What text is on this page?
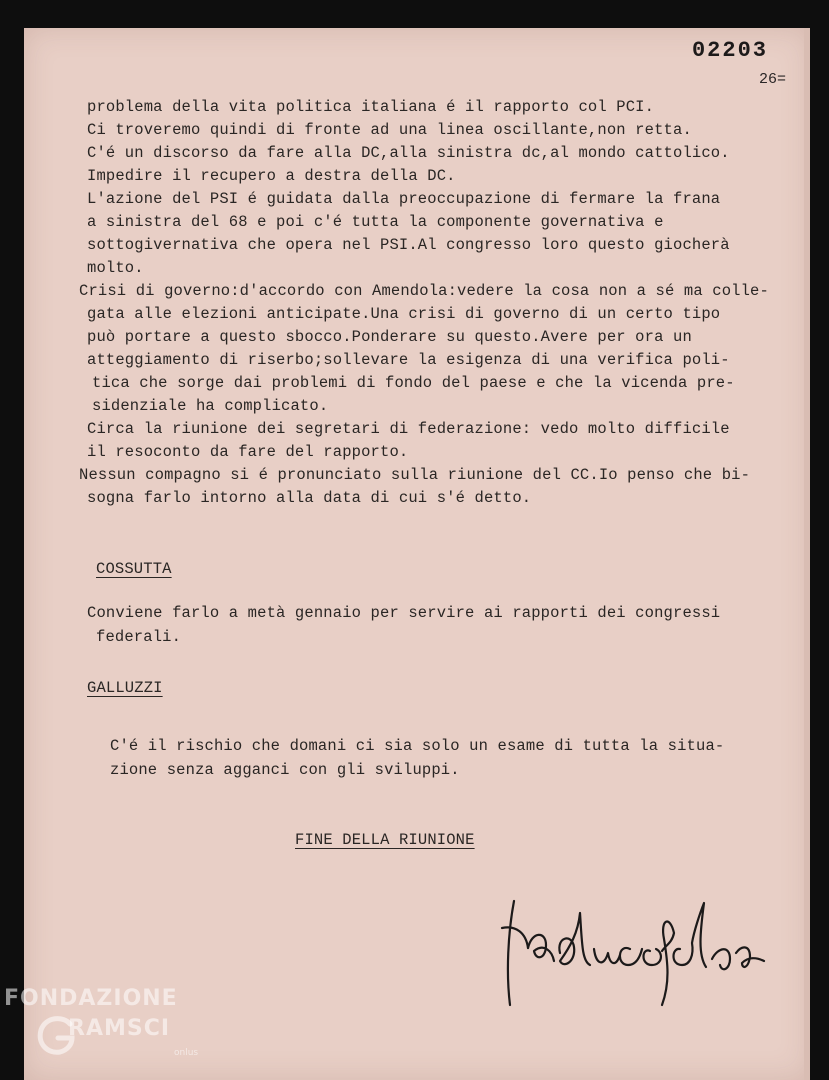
02203
26=
problema della vita politica italiana é il rapporto col PCI.
Ci troveremo quindi di fronte ad una linea oscillante,non retta.
C'é un discorso da fare alla DC,alla sinistra dc,al mondo cattolico.
Impedire il recupero a destra della DC.
L'azione del PSI é guidata dalla preoccupazione di fermare la frana
a sinistra del 68 e poi c'é tutta la componente governativa e
sottogivernativa che opera nel PSI.Al congresso loro questo giocherà
molto.
Crisi di governo:d'accordo con Amendola:vedere la cosa non a sé ma colle-
gata alle elezioni anticipate.Una crisi di governo di un certo tipo
può portare a questo sbocco.Ponderare su questo.Avere per ora un
atteggiamento di riserbo;sollevare la esigenza di una verifica poli-
tica che sorge dai problemi di fondo del paese e che la vicenda pre-
sidenziale ha complicato.
Circa la riunione dei segretari di federazione: vedo molto difficile
il resoconto da fare del rapporto.
Nessun compagno si é pronunciato sulla riunione del CC.Io penso che bi-
sogna farlo intorno alla data di cui s'é detto.
COSSUTTA
Conviene farlo a metà gennaio per servire ai rapporti dei congressi
federali.
GALLUZZI
C'é il rischio che domani ci sia solo un esame di tutta la situa-
zione senza agganci con gli sviluppi.
FINE DELLA RIUNIONE
FONDAZIONE
RAMSCI
onlus
